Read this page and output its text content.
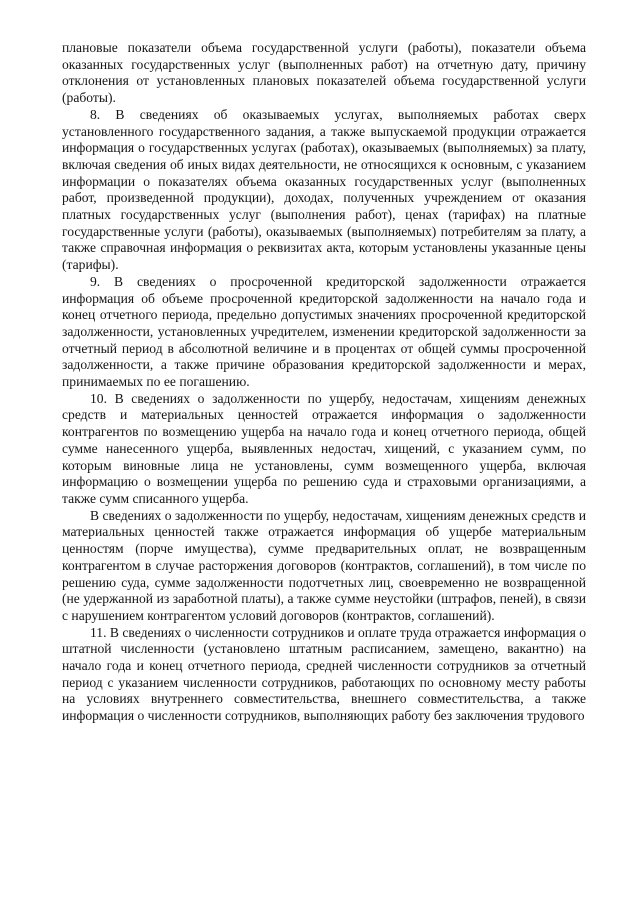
плановые показатели объема государственной услуги (работы), показатели объема оказанных государственных услуг (выполненных работ) на отчетную дату, причину отклонения от установленных плановых показателей объема государственной услуги (работы).

8. В сведениях об оказываемых услугах, выполняемых работах сверх установленного государственного задания, а также выпускаемой продукции отражается информация о государственных услугах (работах), оказываемых (выполняемых) за плату, включая сведения об иных видах деятельности, не относящихся к основным, с указанием информации о показателях объема оказанных государственных услуг (выполненных работ, произведенной продукции), доходах, полученных учреждением от оказания платных государственных услуг (выполнения работ), ценах (тарифах) на платные государственные услуги (работы), оказываемых (выполняемых) потребителям за плату, а также справочная информация о реквизитах акта, которым установлены указанные цены (тарифы).

9. В сведениях о просроченной кредиторской задолженности отражается информация об объеме просроченной кредиторской задолженности на начало года и конец отчетного периода, предельно допустимых значениях просроченной кредиторской задолженности, установленных учредителем, изменении кредиторской задолженности за отчетный период в абсолютной величине и в процентах от общей суммы просроченной задолженности, а также причине образования кредиторской задолженности и мерах, принимаемых по ее погашению.

10. В сведениях о задолженности по ущербу, недостачам, хищениям денежных средств и материальных ценностей отражается информация о задолженности контрагентов по возмещению ущерба на начало года и конец отчетного периода, общей сумме нанесенного ущерба, выявленных недостач, хищений, с указанием сумм, по которым виновные лица не установлены, сумм возмещенного ущерба, включая информацию о возмещении ущерба по решению суда и страховыми организациями, а также сумм списанного ущерба.

В сведениях о задолженности по ущербу, недостачам, хищениям денежных средств и материальных ценностей также отражается информация об ущербе материальным ценностям (порче имущества), сумме предварительных оплат, не возвращенным контрагентом в случае расторжения договоров (контрактов, соглашений), в том числе по решению суда, сумме задолженности подотчетных лиц, своевременно не возвращенной (не удержанной из заработной платы), а также сумме неустойки (штрафов, пеней), в связи с нарушением контрагентом условий договоров (контрактов, соглашений).

11. В сведениях о численности сотрудников и оплате труда отражается информация о штатной численности (установлено штатным расписанием, замещено, вакантно) на начало года и конец отчетного периода, средней численности сотрудников за отчетный период с указанием численности сотрудников, работающих по основному месту работы на условиях внутреннего совместительства, внешнего совместительства, а также информация о численности сотрудников, выполняющих работу без заключения трудового
